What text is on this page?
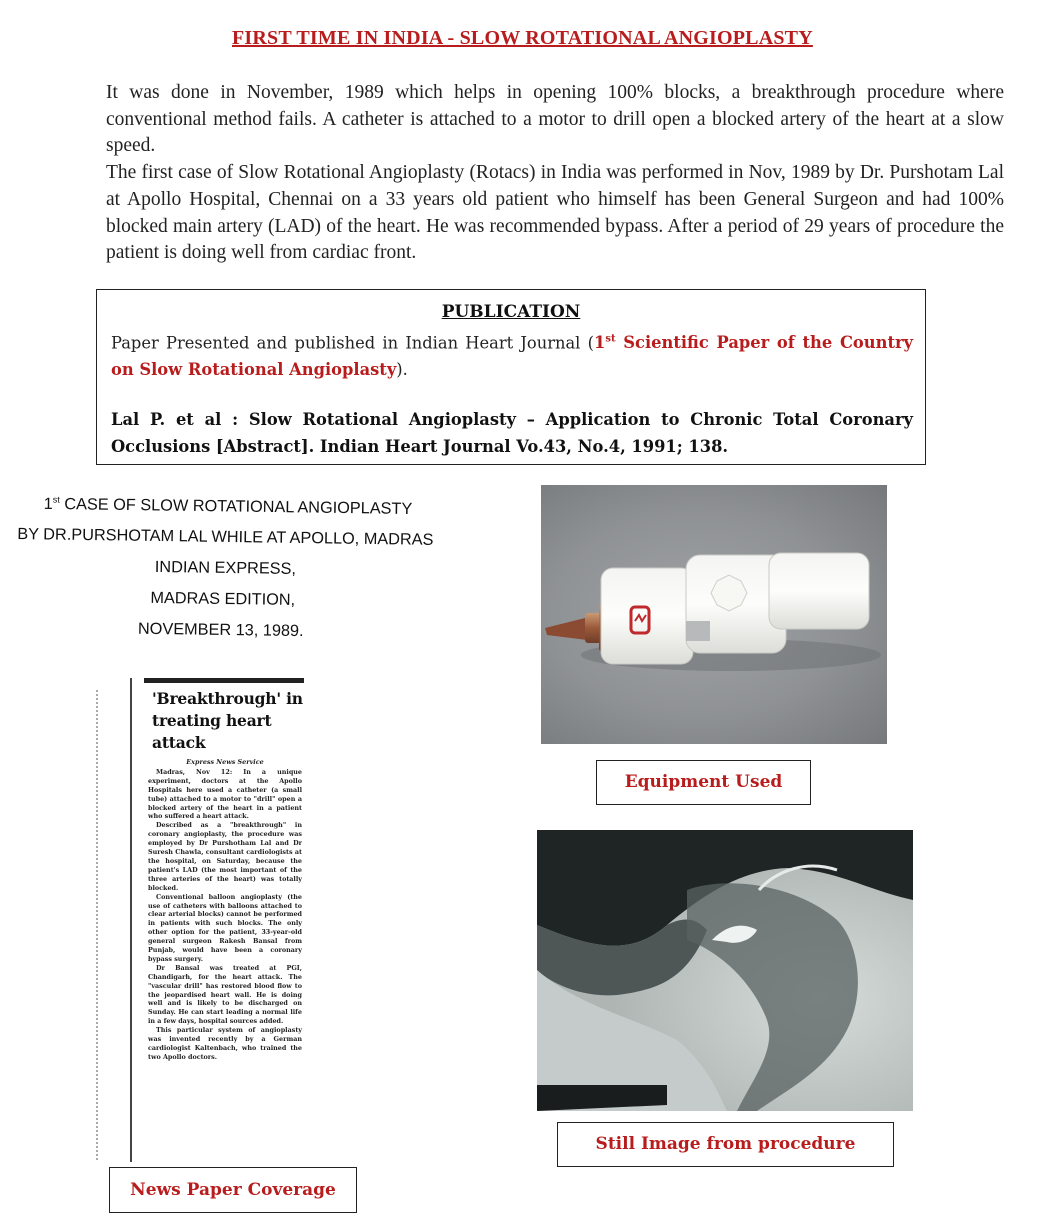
FIRST TIME IN INDIA - SLOW ROTATIONAL ANGIOPLASTY

It was done in November, 1989 which helps in opening 100% blocks, a breakthrough procedure where conventional method fails. A catheter is attached to a motor to drill open a blocked artery of the heart at a slow speed.

The first case of Slow Rotational Angioplasty (Rotacs) in India was performed in Nov, 1989 by Dr. Purshotam Lal at Apollo Hospital, Chennai on a 33 years old patient who himself has been General Surgeon and had 100% blocked main artery (LAD) of the heart. He was recommended bypass. After a period of 29 years of procedure the patient is doing well from cardiac front.

PUBLICATION
Paper Presented and published in Indian Heart Journal (1st Scientific Paper of the Country on Slow Rotational Angioplasty).
Lal P. et al : Slow Rotational Angioplasty – Application to Chronic Total Coronary Occlusions [Abstract]. Indian Heart Journal Vo.43, No.4, 1991; 138.
1st CASE OF SLOW ROTATIONAL ANGIOPLASTY
BY DR.PURSHOTAM LAL WHILE AT APOLLO, MADRAS
INDIAN EXPRESS,
MADRAS EDITION,
NOVEMBER 13, 1989.
'Breakthrough' in treating heart attack
Express News Service

Madras, Nov 12: In a unique experiment, doctors at the Apollo Hospitals here used a catheter (a small tube) attached to a motor to "drill" open a blocked artery of the heart in a patient who suffered a heart attack.

Described as a "breakthrough" in coronary angioplasty, the procedure was employed by Dr Purshotham Lal and Dr Suresh Chawla, consultant cardiologists at the hospital, on Saturday, because the patient's LAD (the most important of the three arteries of the heart) was totally blocked.

Conventional balloon angioplasty (the use of catheters with balloons attached to clear arterial blocks) cannot be performed in patients with such blocks. The only other option for the patient, 33-year-old general surgeon Rakesh Bansal from Punjab, would have been a coronary bypass surgery.

Dr Bansal was treated at PGI, Chandigarh, for the heart attack. The "vascular drill" has restored blood flow to the jeopardised heart wall. He is doing well and is likely to be discharged on Sunday. He can start leading a normal life in a few days, hospital sources added.

This particular system of angioplasty was invented recently by a German cardiologist Kaltenbach, who trained the two Apollo doctors.

News Paper Coverage
Equipment Used
Still Image from procedure
